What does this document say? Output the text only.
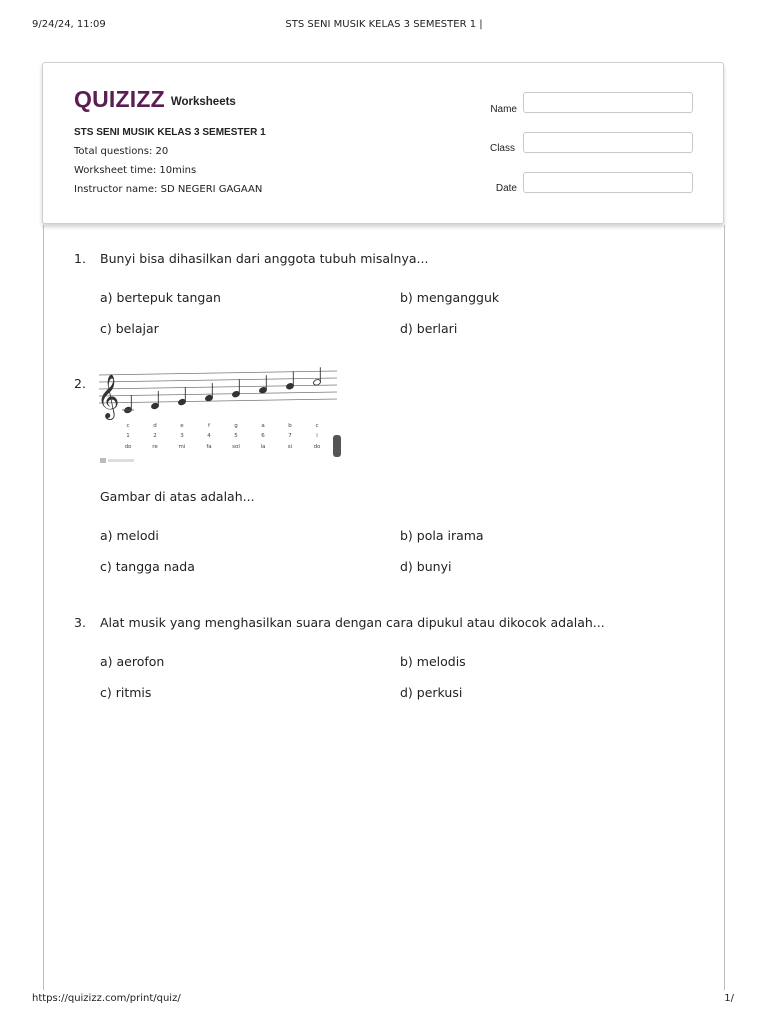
9/24/24, 11:09	STS SENI MUSIK KELAS 3 SEMESTER 1 |
QUIZIZZ Worksheets
STS SENI MUSIK KELAS 3 SEMESTER 1
Total questions: 20
Worksheet time: 10mins
Instructor name: SD NEGERI GAGAAN
Name
Class
Date
1. Bunyi bisa dihasilkan dari anggota tubuh misalnya...
a) bertepuk tangan	b) mengangguk
c) belajar	d) berlari
2. 𝄞
c	d	e	f	g	a	b	c
1	2	3	4	5	6	7	i
do	re	mi	fa	sol	la	si	do
Gambar di atas adalah...
a) melodi	b) pola irama
c) tangga nada	d) bunyi
3. Alat musik yang menghasilkan suara dengan cara dipukul atau dikocok adalah...
a) aerofon	b) melodis
c) ritmis	d) perkusi
https://quizizz.com/print/quiz/	1/
